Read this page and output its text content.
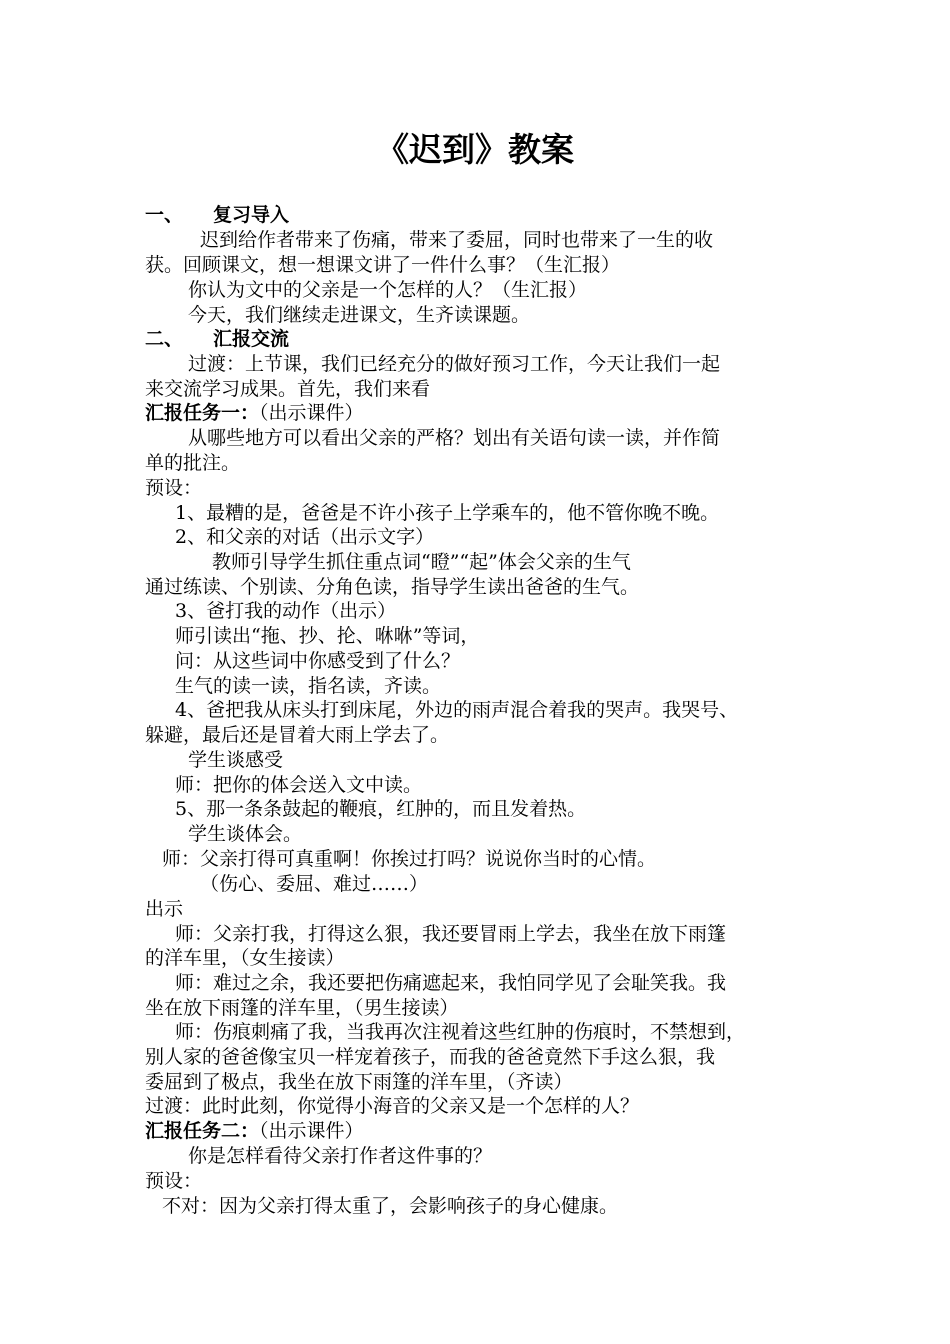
《迟到》教案
一、 复习导入
迟到给作者带来了伤痛，带来了委屈，同时也带来了一生的收
获。回顾课文，想一想课文讲了一件什么事？（生汇报）
你认为文中的父亲是一个怎样的人？（生汇报）
今天，我们继续走进课文，生齐读课题。
二、 汇报交流
过渡：上节课，我们已经充分的做好预习工作，今天让我们一起
来交流学习成果。首先，我们来看
汇报任务一：（出示课件）
从哪些地方可以看出父亲的严格？划出有关语句读一读，并作简
单的批注。
预设：
1、最糟的是，爸爸是不许小孩子上学乘车的，他不管你晚不晚。
2、和父亲的对话（出示文字）
教师引导学生抓住重点词“瞪”“起”体会父亲的生气
通过练读、个别读、分角色读，指导学生读出爸爸的生气。
3、爸打我的动作（出示）
师引读出“拖、抄、抡、咻咻”等词，
问：从这些词中你感受到了什么？
生气的读一读，指名读，齐读。
4、爸把我从床头打到床尾，外边的雨声混合着我的哭声。我哭号、
躲避，最后还是冒着大雨上学去了。
学生谈感受
师：把你的体会送入文中读。
5、那一条条鼓起的鞭痕，红肿的，而且发着热。
学生谈体会。
师：父亲打得可真重啊！你挨过打吗？说说你当时的心情。
（伤心、委屈、难过……）
出示
师：父亲打我，打得这么狠，我还要冒雨上学去，我坐在放下雨篷
的洋车里，（女生接读）
师：难过之余，我还要把伤痛遮起来，我怕同学见了会耻笑我。我
坐在放下雨篷的洋车里，（男生接读）
师：伤痕刺痛了我，当我再次注视着这些红肿的伤痕时，不禁想到，
别人家的爸爸像宝贝一样宠着孩子，而我的爸爸竟然下手这么狠，我
委屈到了极点，我坐在放下雨篷的洋车里，（齐读）
过渡：此时此刻，你觉得小海音的父亲又是一个怎样的人？
汇报任务二：（出示课件）
你是怎样看待父亲打作者这件事的？
预设：
不对：因为父亲打得太重了，会影响孩子的身心健康。
